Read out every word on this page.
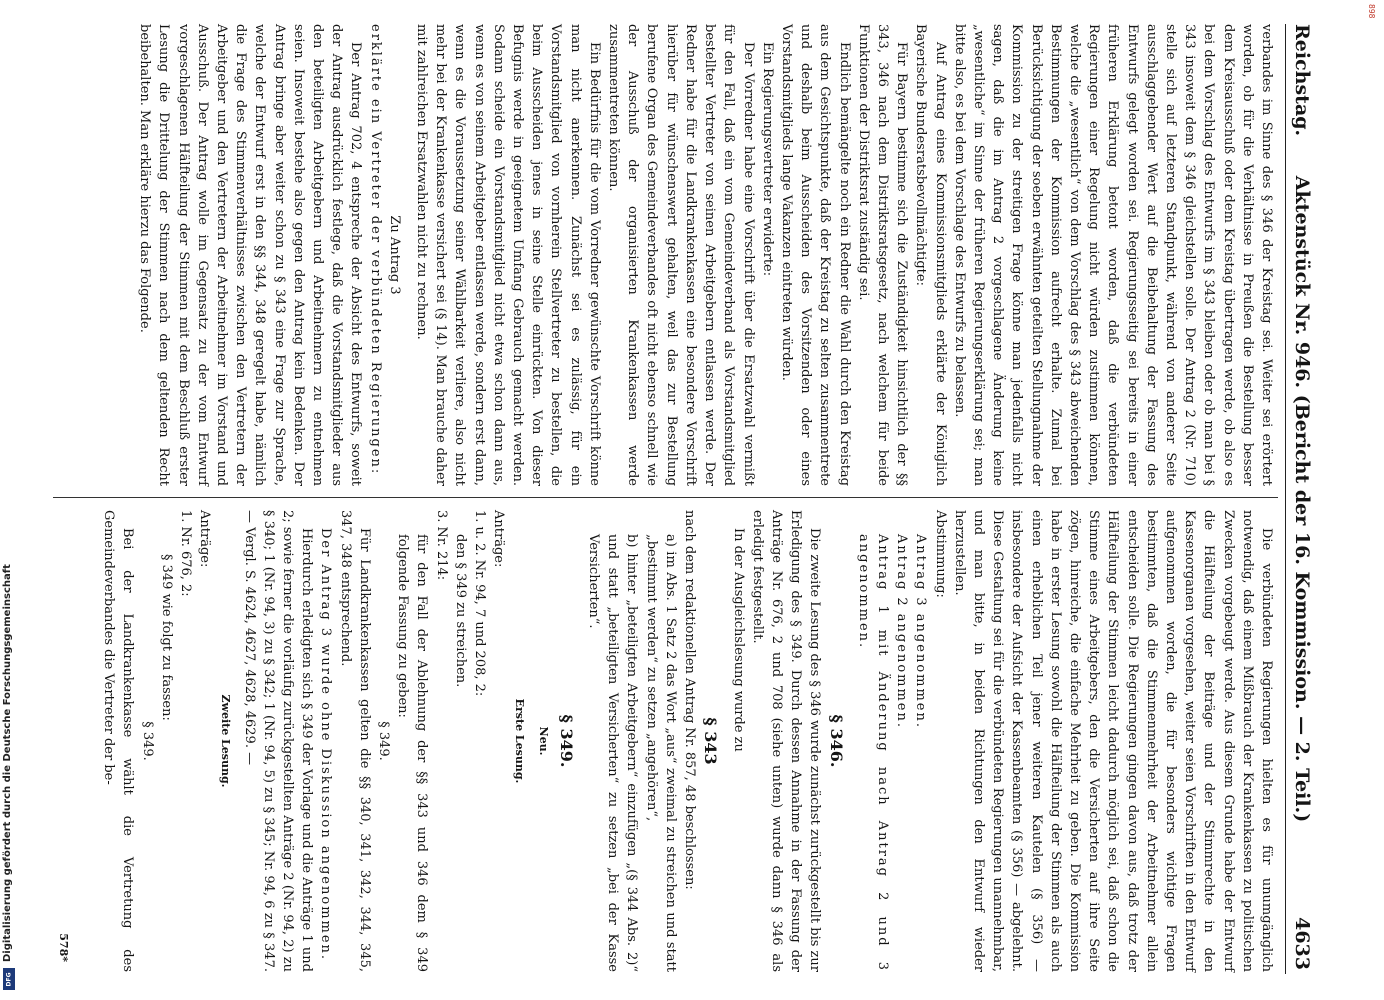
898
Reichstag.
Aktenstück Nr. 946. (Bericht der 16. Kommission. — 2. Teil.)
4633

verbandes im Sinne des § 346 der Kreistag sei. Weiter sei erörtert worden, ob für die Verhältnisse in Preußen die Bestellung besser dem Kreisausschuß oder dem Kreistag übertragen werde, ob also es bei dem Vorschlag des Entwurfs im § 343 bleiben oder ob man bei § 343 insoweit dem § 346 gleichstellen solle. Der Antrag 2 (Nr. 710) stelle sich auf letzteren Standpunkt, während von anderer Seite ausschlaggebender Wert auf die Beibehaltung der Fassung des Entwurfs gelegt worden sei. Regierungsseitig sei bereits in einer früheren Erklärung betont worden, daß die verbündeten Regierungen einer Regelung nicht würden zustimmen können, welche die „wesentlich“ von dem Vorschlag des § 343 abweichenden Bestimmungen der Kommission aufrecht erhalte. Zumal bei Berücksichtigung der soeben erwähnten geteilten Stellungnahme der Kommission zu der streitigen Frage könne man jedenfalls nicht sagen, daß die im Antrag 2 vorgeschlagene Änderung keine „wesentliche“ im Sinne der früheren Regierungserklärung sei; man bitte also, es bei dem Vorschlage des Entwurfs zu belassen.

Auf Antrag eines Kommissionsmitglieds erklärte der Königlich Bayerische Bundesratsbevollmächtigte:

Für Bayern bestimme sich die Zuständigkeit hinsichtlich der §§ 343, 346 nach dem Distriktsratsgesetz, nach welchem für beide Funktionen der Distriktsrat zuständig sei.

Endlich bemängelte noch ein Redner die Wahl durch den Kreistag aus dem Gesichtspunkte, daß der Kreistag zu selten zusammentrete und deshalb beim Ausscheiden des Vorsitzenden oder eines Vorstandsmitglieds lange Vakanzen eintreten würden.

Ein Regierungsvertreter erwiderte:

Der Vorredner habe eine Vorschrift über die Ersatzwahl vermißt für den Fall, daß ein vom Gemeindeverband als Vorstandsmitglied bestellter Vertreter von seinen Arbeitgebern entlassen werde. Der Redner habe für die Landkrankenkassen eine besondere Vorschrift hierüber für wünschenswert gehalten, weil das zur Bestellung berufene Organ des Gemeindeverbandes oft nicht ebenso schnell wie der Ausschuß der organisierten Krankenkassen werde zusammentreten können.

Ein Bedürfnis für die vom Vorredner gewünschte Vorschrift könne man nicht anerkennen. Zunächst sei es zulässig, für ein Vorstandsmitglied von vornherein Stellvertreter zu bestellen, die beim Ausscheiden jenes in seine Stelle einrückten. Von dieser Befugnis werde in geeignetem Umfang Gebrauch gemacht werden. Sodann scheide ein Vorstandsmitglied nicht etwa schon dann aus, wenn es von seinem Arbeitgeber entlassen werde, sondern erst dann, wenn es die Voraussetzung seiner Wählbarkeit verliere, also nicht mehr bei der Krankenkasse versichert sei (§ 14). Man brauche daher mit zahlreichen Ersatzwahlen nicht zu rechnen.

Zu Antrag 3

erklärte ein Vertreter der verbündeten Regierungen:

Der Antrag 702, 4 entspreche der Absicht des Entwurfs, soweit der Antrag ausdrücklich festlege, daß die Vorstandsmitglieder aus den beteiligten Arbeitgebern und Arbeitnehmern zu entnehmen seien. Insoweit bestehe also gegen den Antrag kein Bedenken. Der Antrag bringe aber weiter schon zu § 343 eine Frage zur Sprache, welche der Entwurf erst in den §§ 344, 348 geregelt habe, nämlich die Frage des Stimmenverhältnisses zwischen den Vertretern der Arbeitgeber und den Vertretern der Arbeitnehmer im Vorstand und Ausschuß. Der Antrag wolle im Gegensatz zu der vom Entwurf vorgeschlagenen Hälfteilung der Stimmen mit dem Beschluß erster Lesung die Drittelung der Stimmen nach dem geltenden Recht beibehalten. Man erkläre hierzu das Folgende.

Die verbündeten Regierungen hielten es für unumgänglich notwendig, daß einem Mißbrauch der Krankenkassen zu politischen Zwecken vorgebeugt werde. Aus diesem Grunde habe der Entwurf die Hälfteilung der Beiträge und der Stimmrechte in den Kassenorganen vorgesehen, weiter seien Vorschriften in den Entwurf aufgenommen worden, die für besonders wichtige Fragen bestimmten, daß die Stimmenmehrheit der Arbeitnehmer allein entscheiden solle. Die Regierungen gingen davon aus, daß trotz der Hälfteilung der Stimmen leicht dadurch möglich sei, daß schon die Stimme eines Arbeitgebers, den die Versicherten auf ihre Seite zögen, hinreiche, die einfache Mehrheit zu geben. Die Kommission habe in erster Lesung sowohl die Hälfteilung der Stimmen als auch einen erheblichen Teil jener weiteren Kautelen (§ 356) — insbesondere der Aufsicht der Kassenbeamten (§ 356) — abgelehnt. Diese Gestaltung sei für die verbündeten Regierungen unannehmbar, und man bitte, in beiden Richtungen den Entwurf wieder herzustellen.

Abstimmung:

Antrag 3 angenommen.

Antrag 2 angenommen.

Antrag 1 mit Änderung nach Antrag 2 und 3 angenommen.

§ 346.

Die zweite Lesung des § 346 wurde zunächst zurückgestellt bis zur Erledigung des § 349. Durch dessen Annahme in der Fassung der Anträge Nr. 676, 2 und 708 (siehe unten) wurde dann § 346 als erledigt festgestellt.

In der Ausgleichslesung wurde zu

§ 343

nach dem redaktionellen Antrag Nr. 857, 48 beschlossen:

a) im Abs. 1 Satz 2 das Wort „aus“ zweimal zu streichen und statt „bestimmt werden“ zu setzen „angehören“,

b) hinter „beteiligten Arbeitgebern“ einzufügen „(§ 344 Abs. 2)“ und statt „beteiligten Versicherten“ zu setzen „bei der Kasse Versicherten“.

§ 349.

Neu.

Erste Lesung.

Anträge:

1. u. 2. Nr. 94, 7 und 208, 2:

den § 349 zu streichen.

3. Nr. 214:

für den Fall der Ablehnung der §§ 343 und 346 dem § 349 folgende Fassung zu geben:

§ 349.

Für Landkrankenkassen gelten die §§ 340, 341, 342, 344, 345, 347, 348 entsprechend.

Der Antrag 3 wurde ohne Diskussion angenommen.

Hierdurch erledigten sich § 349 der Vorlage und die Anträge 1 und 2; sowie ferner die vorläufig zurückgestellten Anträge 2 (Nr. 94, 2) zu § 340; 1 (Nr. 94, 3) zu § 342; 1 (Nr. 94, 5) zu § 345; Nr. 94, 6 zu § 347. — Vergl. S. 4624, 4627, 4628, 4629. —

Zweite Lesung.

Anträge:

1. Nr. 676, 2:

§ 349 wie folgt zu fassen:

§ 349.

Bei der Landkrankenkasse wählt die Vertretung des Gemeindeverbandes die Vertreter der be-

578*
Digitalisierung gefördert durch die Deutsche Forschungsgemeinschaft
DFG
